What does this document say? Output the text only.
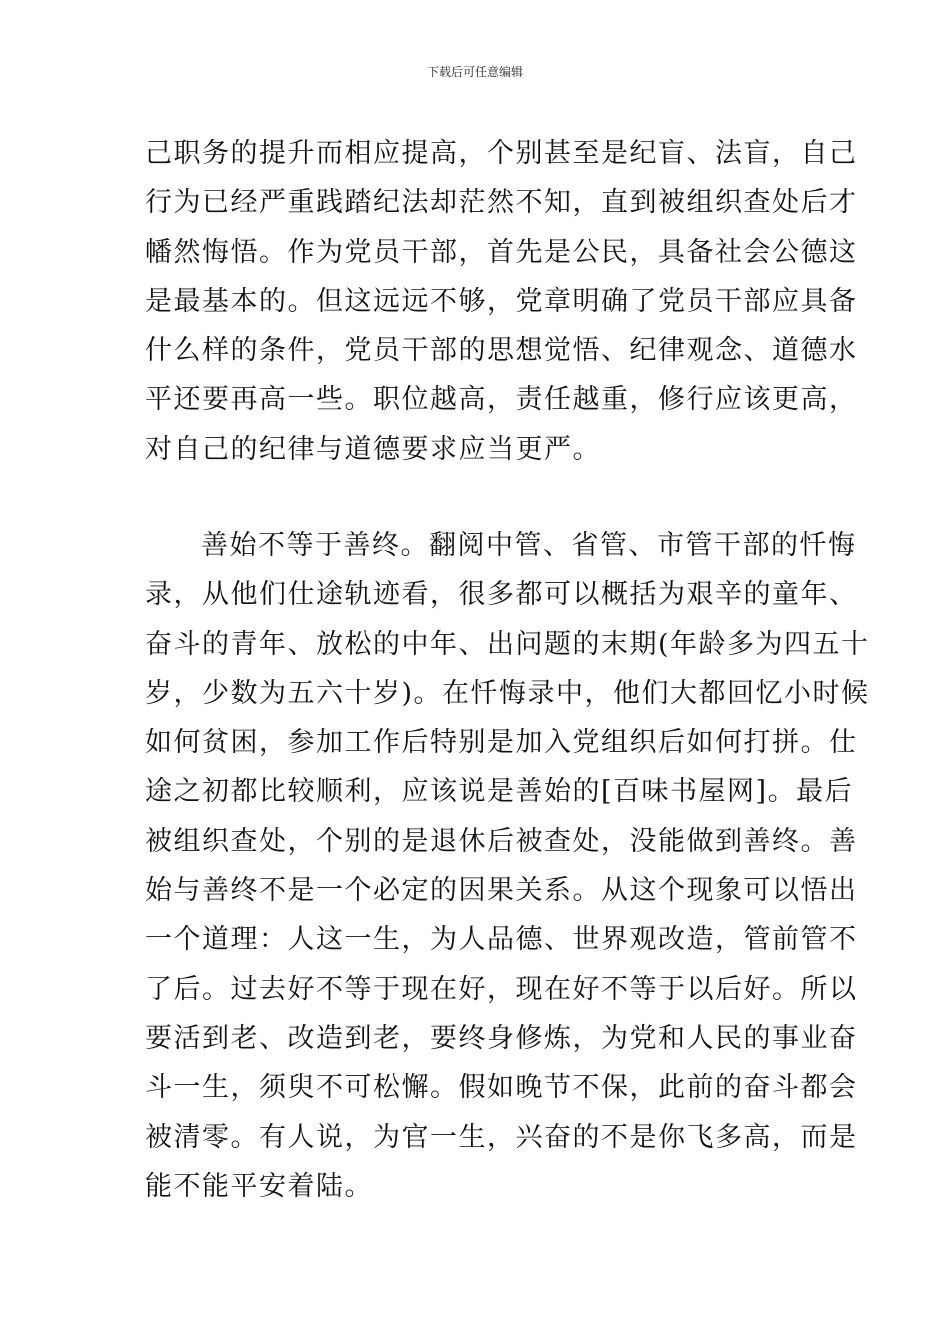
下载后可任意编辑
己职务的提升而相应提高，个别甚至是纪盲、法盲，自己
行为已经严重践踏纪法却茫然不知，直到被组织查处后才
幡然悔悟。作为党员干部，首先是公民，具备社会公德这
是最基本的。但这远远不够，党章明确了党员干部应具备
什么样的条件，党员干部的思想觉悟、纪律观念、道德水
平还要再高一些。职位越高，责任越重，修行应该更高，
对自己的纪律与道德要求应当更严。
善始不等于善终。翻阅中管、省管、市管干部的忏悔
录，从他们仕途轨迹看，很多都可以概括为艰辛的童年、
奋斗的青年、放松的中年、出问题的末期(年龄多为四五十
岁，少数为五六十岁)。在忏悔录中，他们大都回忆小时候
如何贫困，参加工作后特别是加入党组织后如何打拼。仕
途之初都比较顺利，应该说是善始的[百味书屋网]。最后
被组织查处，个别的是退休后被查处，没能做到善终。善
始与善终不是一个必定的因果关系。从这个现象可以悟出
一个道理：人这一生，为人品德、世界观改造，管前管不
了后。过去好不等于现在好，现在好不等于以后好。所以
要活到老、改造到老，要终身修炼，为党和人民的事业奋
斗一生，须臾不可松懈。假如晚节不保，此前的奋斗都会
被清零。有人说，为官一生，兴奋的不是你飞多高，而是
能不能平安着陆。
